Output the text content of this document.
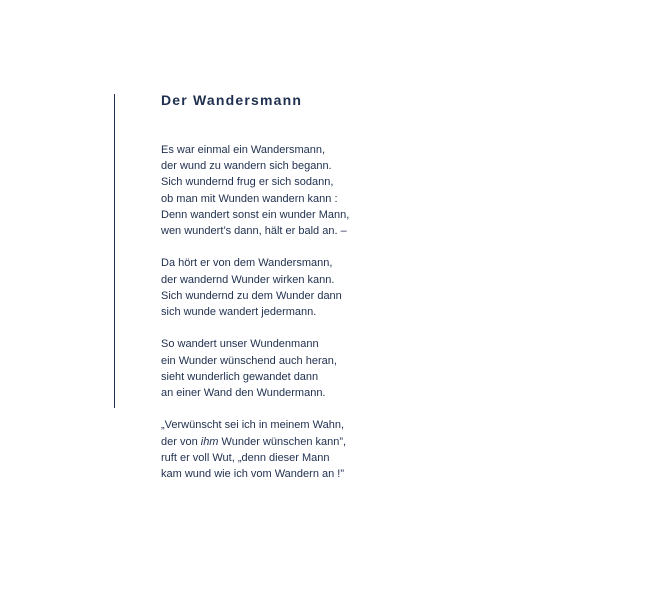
Der Wandersmann

Es war einmal ein Wandersmann,
der wund zu wandern sich begann.
Sich wundernd frug er sich sodann,
ob man mit Wunden wandern kann :
Denn wandert sonst ein wunder Mann,
wen wundert’s dann, hält er bald an. –

Da hört er von dem Wandersmann,
der wandernd Wunder wirken kann.
Sich wundernd zu dem Wunder dann
sich wunde wandert jedermann.

So wandert unser Wundenmann
ein Wunder wünschend auch heran,
sieht wunderlich gewandet dann
an einer Wand den Wundermann.

„Verwünscht sei ich in meinem Wahn,
der von ihm Wunder wünschen kann”,
ruft er voll Wut, „denn dieser Mann
kam wund wie ich vom Wandern an !”
